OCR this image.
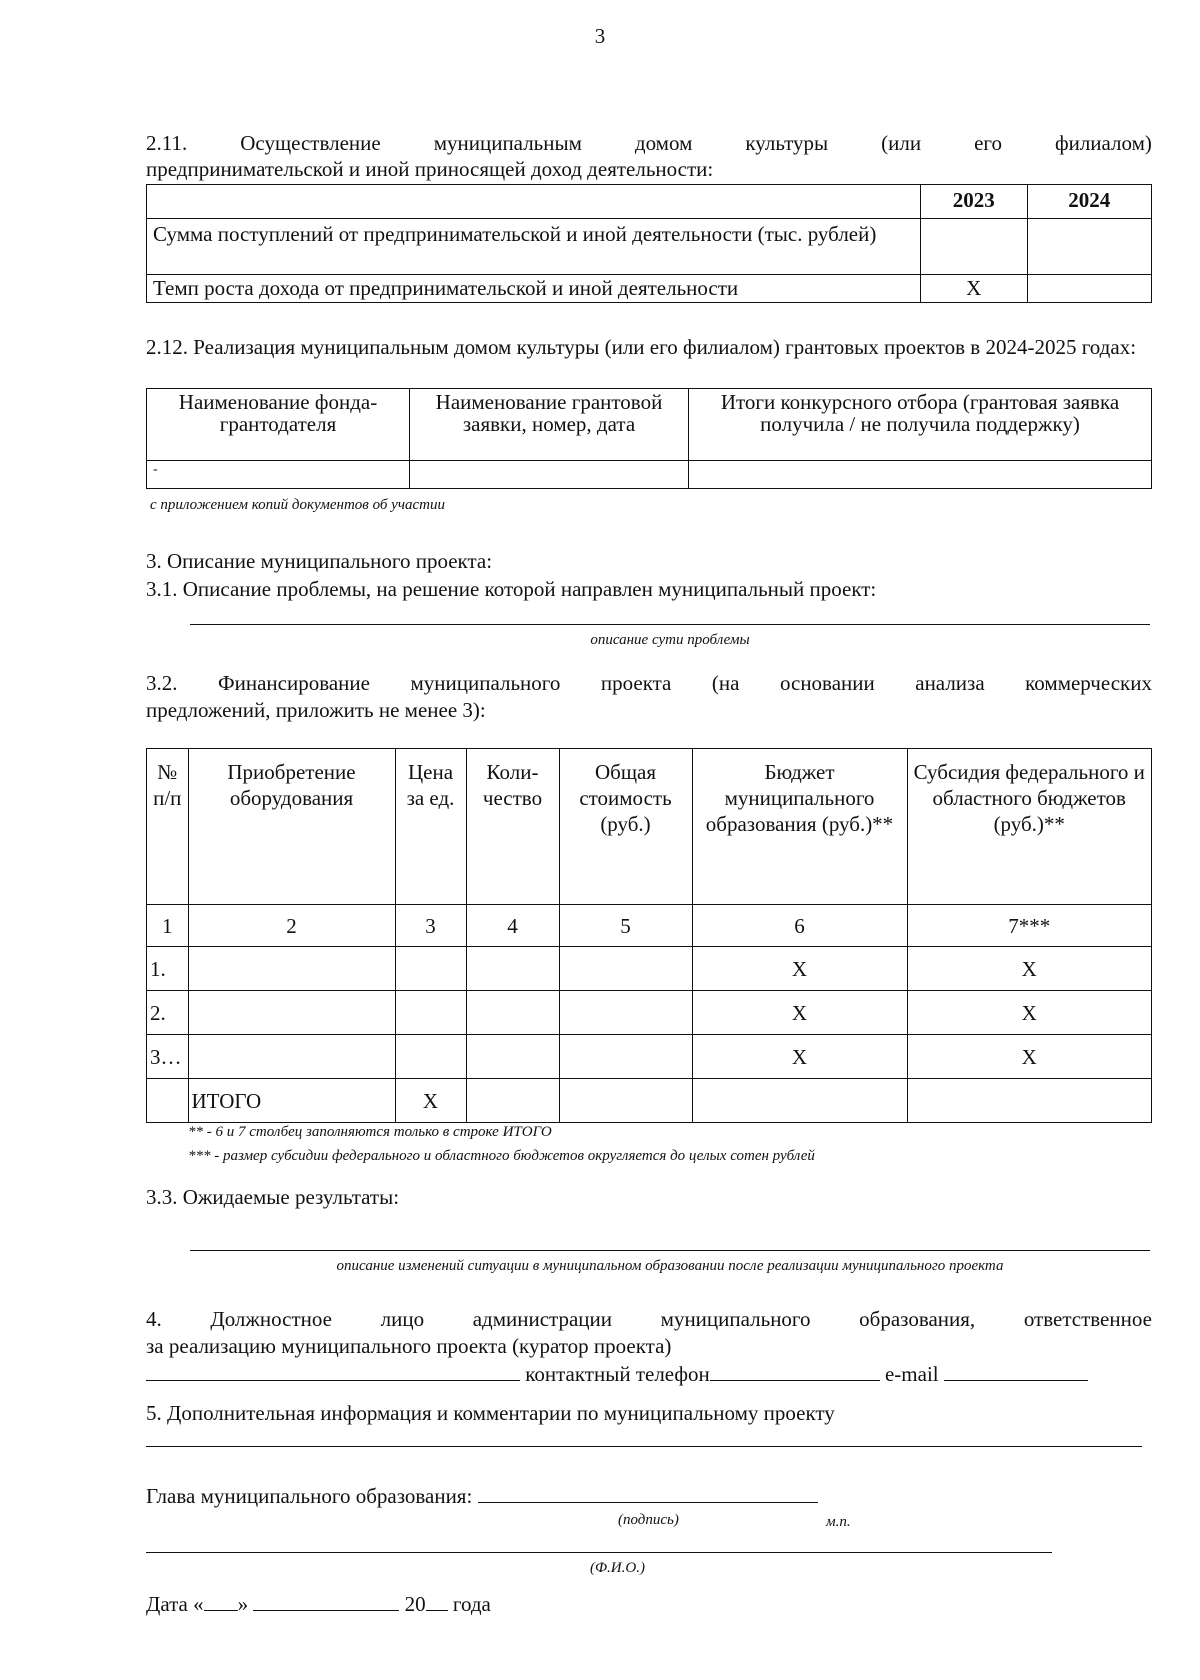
3
2.11.	Осуществление	муниципальным	домом	культуры	(или	его	филиалом)
предпринимательской и иной приносящей доход деятельности:
	2023	2024
Сумма поступлений от предпринимательской и иной деятельности (тыс. рублей)		
Темп роста дохода от предпринимательской и иной деятельности	X	
2.12. Реализация муниципальным домом культуры (или его филиалом) грантовых проектов в 2024-2025 годах:
Наименование фонда-грантодателя	Наименование грантовой заявки, номер, дата	Итоги конкурсного отбора (грантовая заявка получила / не получила поддержку)
-		
с приложением копий документов об участии
3. Описание муниципального проекта:
3.1. Описание проблемы, на решение которой направлен муниципальный проект:
описание сути проблемы
3.2. Финансирование муниципального проекта (на основании анализа коммерческих
предложений, приложить не менее 3):
№ п/п	Приобретение оборудования	Цена за ед.	Коли-чество	Общая стоимость (руб.)	Бюджет муниципального образования (руб.)**	Субсидия федерального и областного бюджетов (руб.)**
1	2	3	4	5	6	7***
1.					X	X
2.					X	X
3…					X	X
	ИТОГО	X				
** - 6 и 7 столбец заполняются только в строке ИТОГО
*** - размер субсидии федерального и областного бюджетов округляется до целых сотен рублей
3.3. Ожидаемые результаты:
описание изменений ситуации в муниципальном образовании после реализации муниципального проекта
4. Должностное лицо администрации муниципального образования, ответственное
за реализацию муниципального проекта (куратор проекта)
контактный телефон	e-mail
5. Дополнительная информация и комментарии по муниципальному проекту
Глава муниципального образования:
(подпись)	м.п.
(Ф.И.О.)
Дата « »	20 года
